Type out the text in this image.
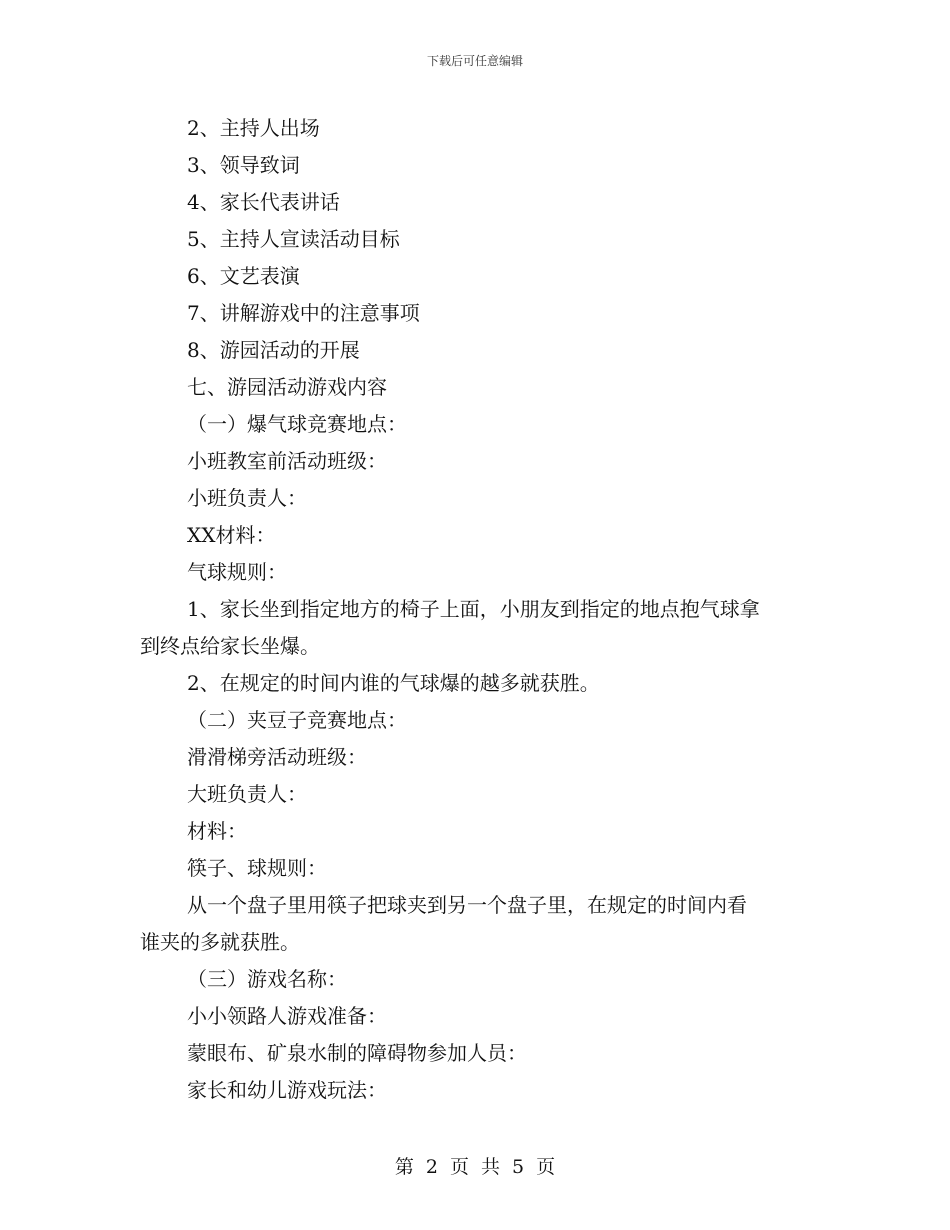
下载后可任意编辑
2、主持人出场
3、领导致词
4、家长代表讲话
5、主持人宣读活动目标
6、文艺表演
7、讲解游戏中的注意事项
8、游园活动的开展
七、游园活动游戏内容
（一）爆气球竞赛地点：
小班教室前活动班级：
小班负责人：
XX材料：
气球规则：
1、家长坐到指定地方的椅子上面，小朋友到指定的地点抱气球拿
到终点给家长坐爆。
2、在规定的时间内谁的气球爆的越多就获胜。
（二）夹豆子竞赛地点：
滑滑梯旁活动班级：
大班负责人：
材料：
筷子、球规则：
从一个盘子里用筷子把球夹到另一个盘子里，在规定的时间内看
谁夹的多就获胜。
（三）游戏名称：
小小领路人游戏准备：
蒙眼布、矿泉水制的障碍物参加人员：
家长和幼儿游戏玩法：
第 2 页 共 5 页
